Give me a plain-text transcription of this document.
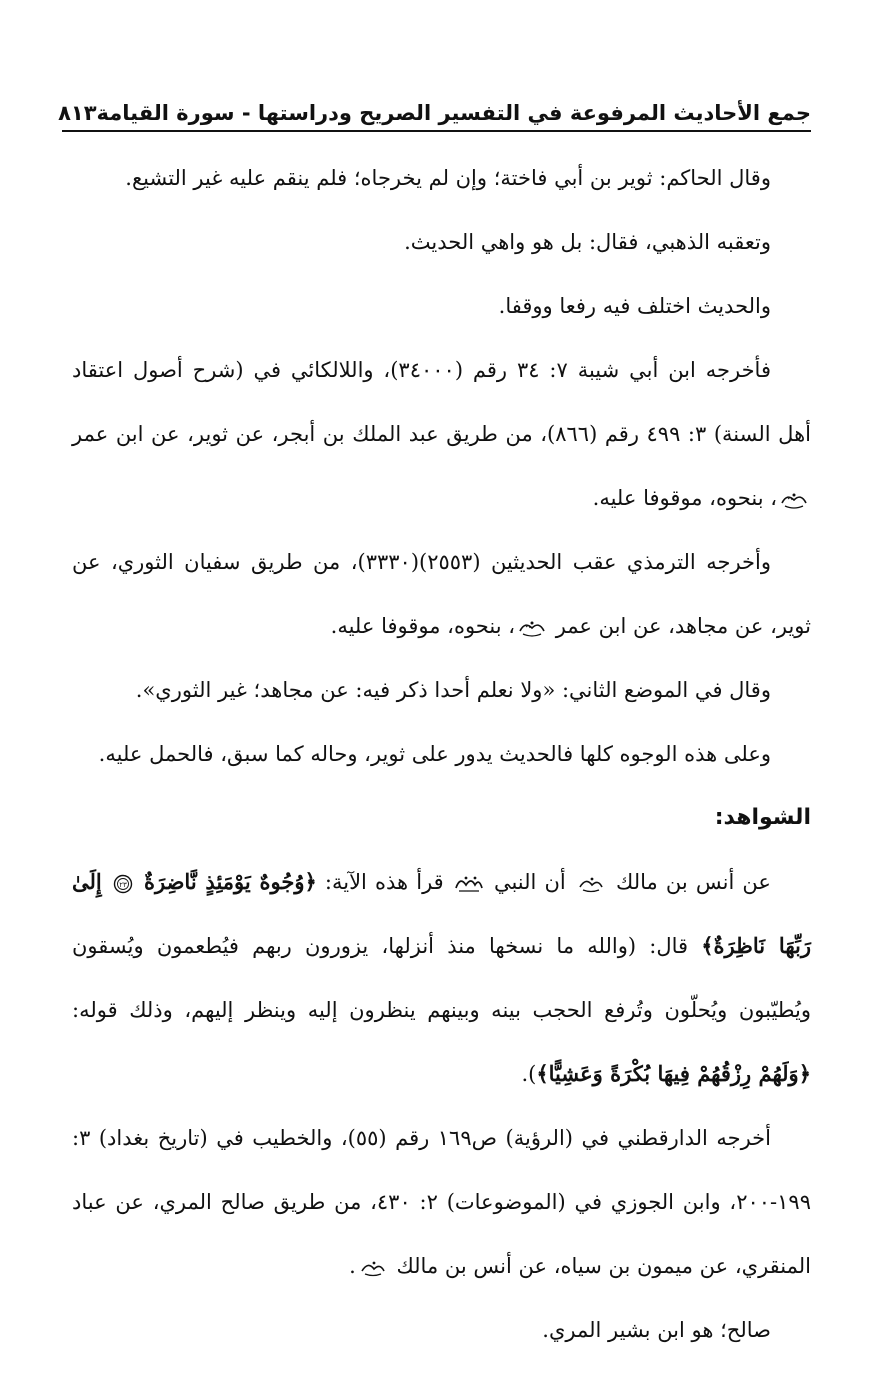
جمع الأحاديث المرفوعة في التفسير الصريح ودراستها - سورة القيامة
٨١٣

وقال الحاكم: ثوير بن أبي فاختة؛ وإن لم يخرجاه؛ فلم ينقم عليه غير التشيع.

وتعقبه الذهبي، فقال: بل هو واهي الحديث.

والحديث اختلف فيه رفعا ووقفا.

فأخرجه ابن أبي شيبة ٧: ٣٤ رقم (٣٤٠٠٠)، واللالكائي في (شرح أصول اعتقاد أهل السنة) ٣: ٤٩٩ رقم (٨٦٦)، من طريق عبد الملك بن أبجر، عن ثوير، عن ابن عمر ، بنحوه، موقوفا عليه.

وأخرجه الترمذي عقب الحديثين (٢٥٥٣)(٣٣٣٠)، من طريق سفيان الثوري، عن ثوير، عن مجاهد، عن ابن عمر ، بنحوه، موقوفا عليه.

وقال في الموضع الثاني: «ولا نعلم أحدا ذكر فيه: عن مجاهد؛ غير الثوري».

وعلى هذه الوجوه كلها فالحديث يدور على ثوير، وحاله كما سبق، فالحمل عليه.

الشواهد:

عن أنس بن مالك  أن النبي  قرأ هذه الآية: ﴿وُجُوهٌ يَوْمَئِذٍ نَّاضِرَةٌ
٢٣
إِلَىٰ رَبِّهَا نَاظِرَةٌ﴾ قال: (والله ما نسخها منذ أنزلها، يزورون ربهم فيُطعمون ويُسقون ويُطيّبون ويُحلّون وتُرفع الحجب بينه وبينهم ينظرون إليه وينظر إليهم، وذلك قوله: ﴿وَلَهُمْ رِزْقُهُمْ فِيهَا بُكْرَةً وَعَشِيًّا﴾).

أخرجه الدارقطني في (الرؤية) ص١٦٩ رقم (٥٥)، والخطيب في (تاريخ بغداد) ٣: ١٩٩-٢٠٠، وابن الجوزي في (الموضوعات) ٢: ٤٣٠، من طريق صالح المري، عن عباد المنقري، عن ميمون بن سياه، عن أنس بن مالك .

صالح؛ هو ابن بشير المري.
